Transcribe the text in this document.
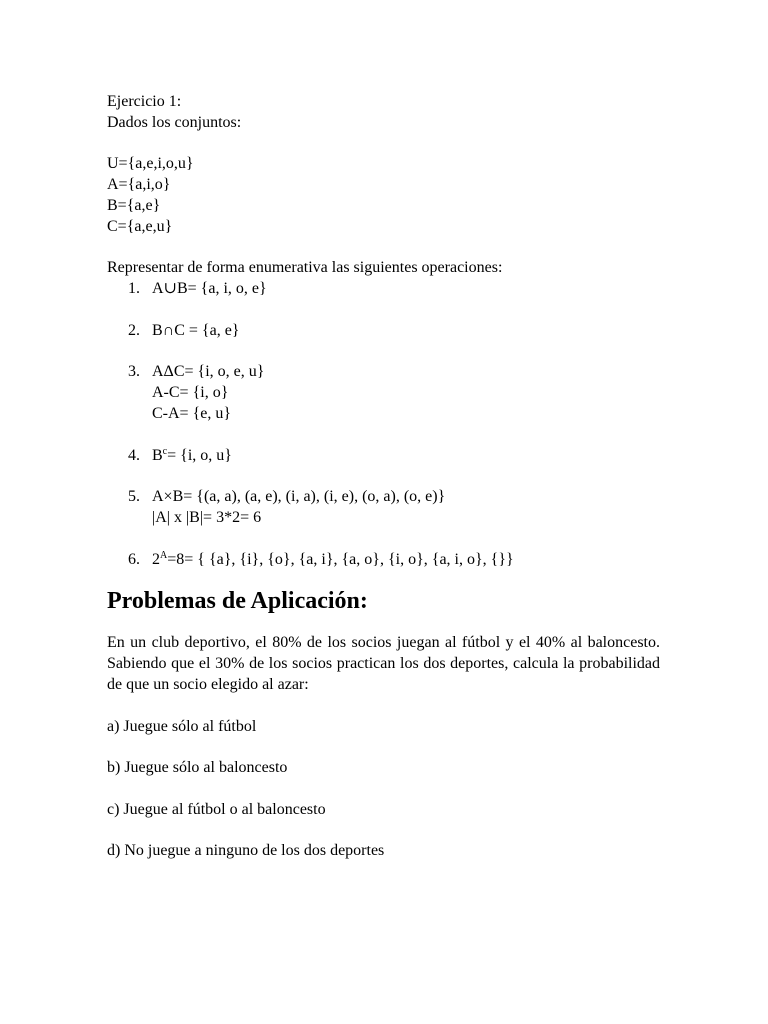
Ejercicio 1:
Dados los conjuntos:
U={a,e,i,o,u}
A={a,i,o}
B={a,e}
C={a,e,u}
Representar de forma enumerativa las siguientes operaciones:
1. A∪B= {a, i, o, e}
2. B∩C = {a, e}
3. AΔC= {i, o, e, u}
A-C= {i, o}
C-A= {e, u}
4. $B^c= \{i$, o, u}
5. A×B= {(a, a), (a, e), (i, a), (i, e), (o, a), (o, e)}
|A| x |B|= 3*2= 6
6. $2^A=8=$ { {a}, {i}, {o}, {a, i}, {a, o}, {i, o}, {a, i, o}, {}}
Problemas de Aplicación:
En un club deportivo, el 80% de los socios juegan al fútbol y el 40% al baloncesto. Sabiendo que el 30% de los socios practican los dos deportes, calcula la probabilidad de que un socio elegido al azar:
a) Juegue sólo al fútbol
b) Juegue sólo al baloncesto
c) Juegue al fútbol o al baloncesto
d) No juegue a ninguno de los dos deportes
